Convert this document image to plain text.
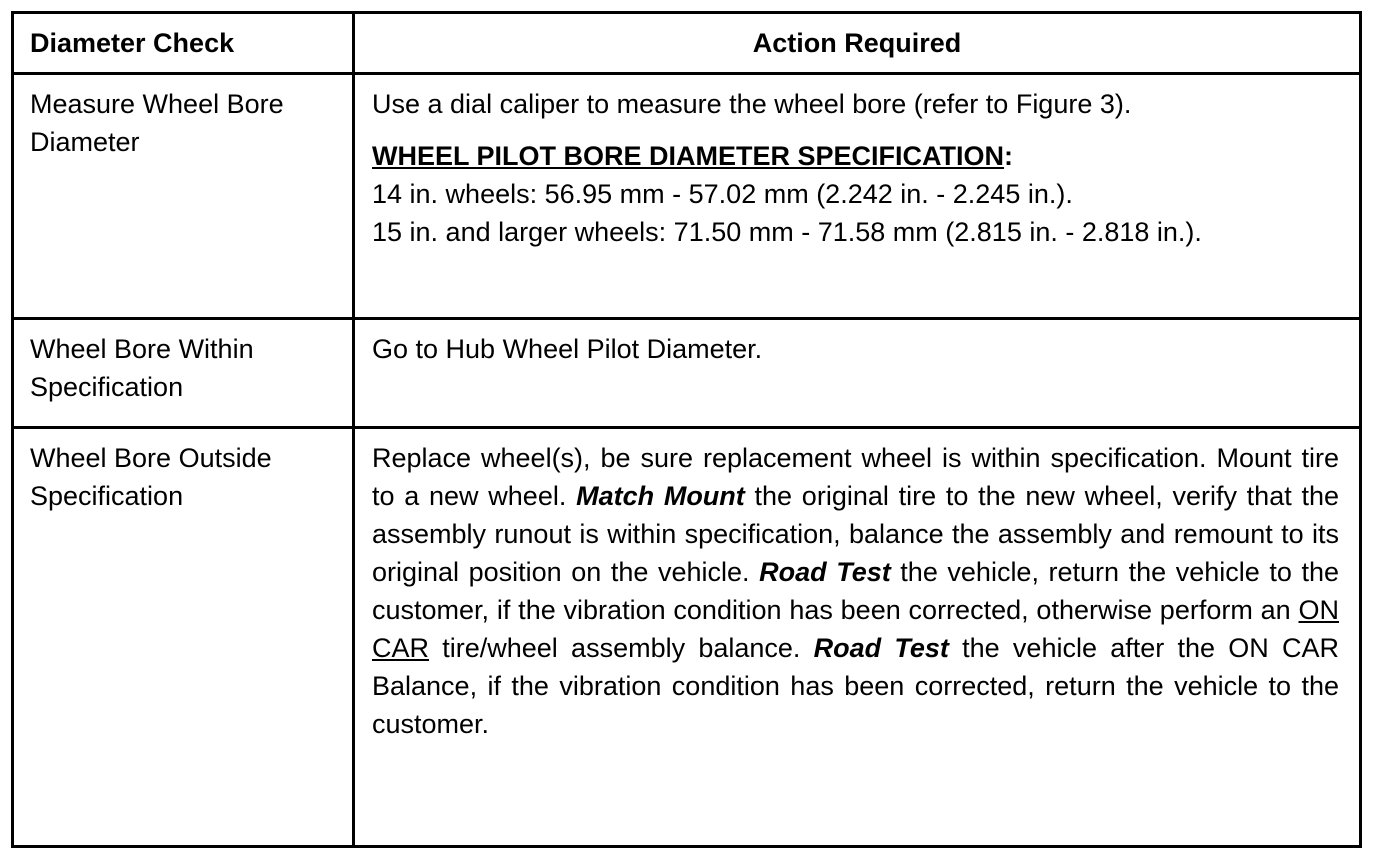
Diameter Check	Action Required
Measure Wheel Bore Diameter	Use a dial caliper to measure the wheel bore (refer to Figure 3).

WHEEL PILOT BORE DIAMETER SPECIFICATION:

14 in. wheels: 56.95 mm - 57.02 mm (2.242 in. - 2.245 in.).

15 in. and larger wheels: 71.50 mm - 71.58 mm (2.815 in. - 2.818 in.).

Wheel Bore Within Specification	Go to Hub Wheel Pilot Diameter.
Wheel Bore Outside Specification	Replace wheel(s), be sure replacement wheel is within specification. Mount tire to a new wheel. Match Mount the original tire to the new wheel, verify that the assembly runout is within specification, balance the assembly and remount to its original position on the vehicle. Road Test the vehicle, return the vehicle to the customer, if the vibration condition has been corrected, otherwise perform an ON CAR tire/wheel assembly balance. Road Test the vehicle after the ON CAR Balance, if the vibration condition has been corrected, return the vehicle to the customer.
